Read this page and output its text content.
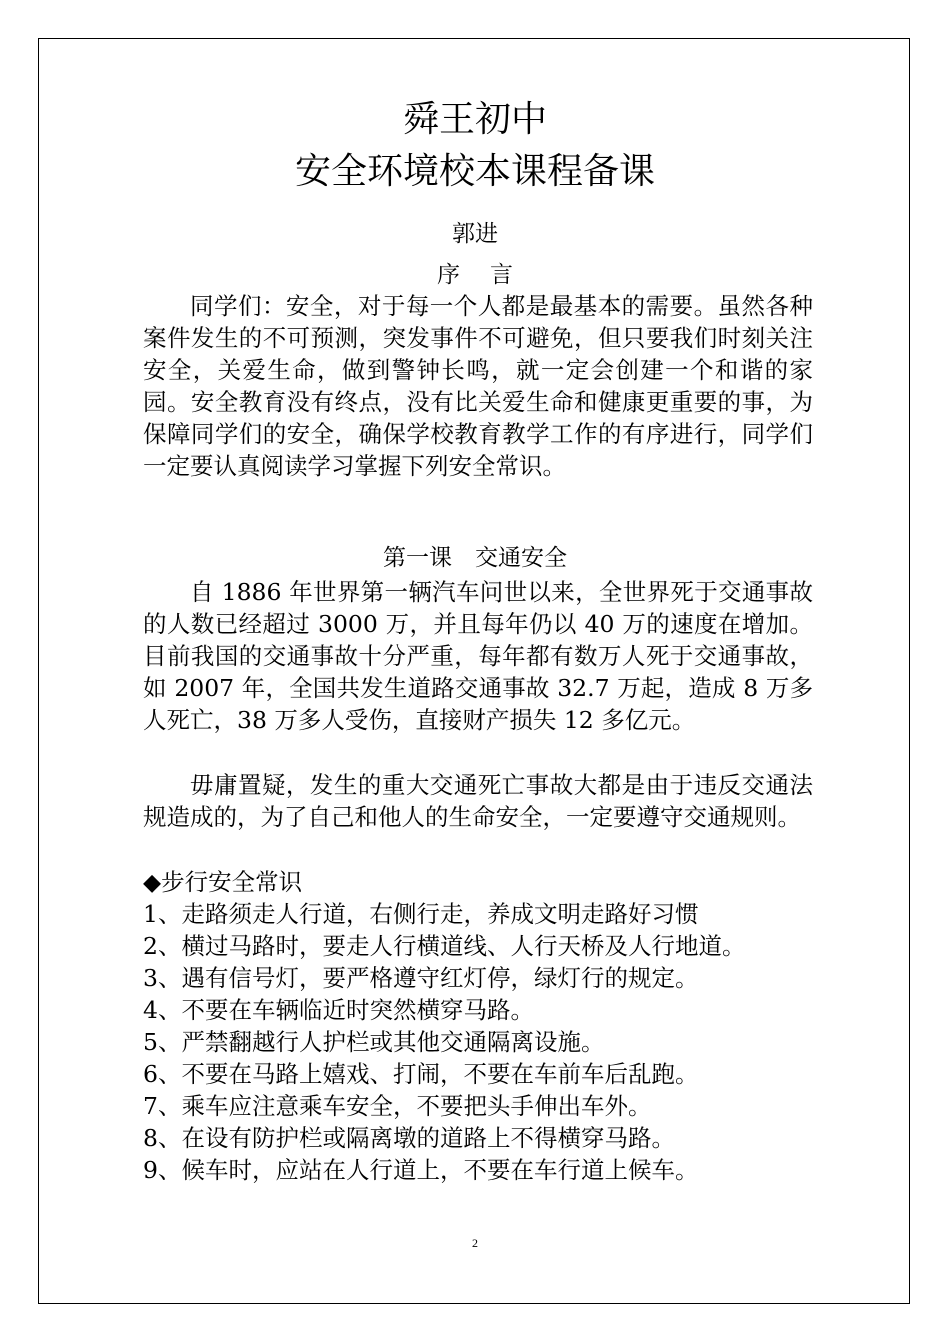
舜王初中
安全环境校本课程备课
郭进
序言

同学们：安全，对于每一个人都是最基本的需要。虽然各种案件发生的不可预测，突发事件不可避免，但只要我们时刻关注安全，关爱生命，做到警钟长鸣，就一定会创建一个和谐的家园。安全教育没有终点，没有比关爱生命和健康更重要的事，为保障同学们的安全，确保学校教育教学工作的有序进行，同学们一定要认真阅读学习掌握下列安全常识。

第一课　交通安全

自 1886 年世界第一辆汽车问世以来，全世界死于交通事故的人数已经超过 3000 万，并且每年仍以 40 万的速度在增加。目前我国的交通事故十分严重，每年都有数万人死于交通事故，如 2007 年，全国共发生道路交通事故 32.7 万起，造成 8 万多人死亡，38 万多人受伤，直接财产损失 12 多亿元。

毋庸置疑，发生的重大交通死亡事故大都是由于违反交通法规造成的，为了自己和他人的生命安全，一定要遵守交通规则。

◆步行安全常识
1、走路须走人行道，右侧行走，养成文明走路好习惯
2、横过马路时，要走人行横道线、人行天桥及人行地道。
3、遇有信号灯，要严格遵守红灯停，绿灯行的规定。
4、不要在车辆临近时突然横穿马路。
5、严禁翻越行人护栏或其他交通隔离设施。
6、不要在马路上嬉戏、打闹，不要在车前车后乱跑。
7、乘车应注意乘车安全，不要把头手伸出车外。
8、在设有防护栏或隔离墩的道路上不得横穿马路。
9、候车时，应站在人行道上，不要在车行道上候车。
2
